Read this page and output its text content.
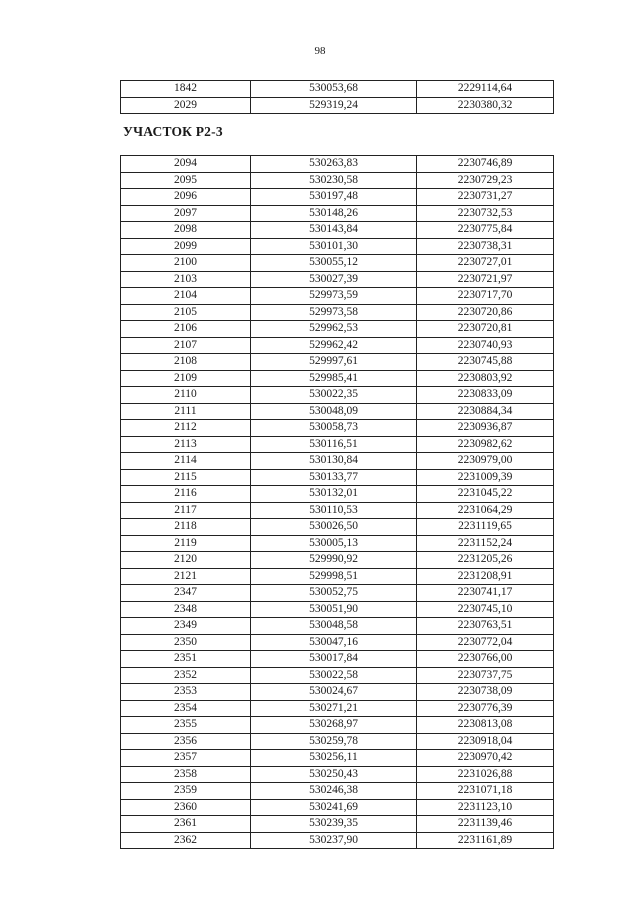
98
1842	530053,68	2229114,64
2029	529319,24	2230380,32
УЧАСТОК Р2-3
2094	530263,83	2230746,89
2095	530230,58	2230729,23
2096	530197,48	2230731,27
2097	530148,26	2230732,53
2098	530143,84	2230775,84
2099	530101,30	2230738,31
2100	530055,12	2230727,01
2103	530027,39	2230721,97
2104	529973,59	2230717,70
2105	529973,58	2230720,86
2106	529962,53	2230720,81
2107	529962,42	2230740,93
2108	529997,61	2230745,88
2109	529985,41	2230803,92
2110	530022,35	2230833,09
2111	530048,09	2230884,34
2112	530058,73	2230936,87
2113	530116,51	2230982,62
2114	530130,84	2230979,00
2115	530133,77	2231009,39
2116	530132,01	2231045,22
2117	530110,53	2231064,29
2118	530026,50	2231119,65
2119	530005,13	2231152,24
2120	529990,92	2231205,26
2121	529998,51	2231208,91
2347	530052,75	2230741,17
2348	530051,90	2230745,10
2349	530048,58	2230763,51
2350	530047,16	2230772,04
2351	530017,84	2230766,00
2352	530022,58	2230737,75
2353	530024,67	2230738,09
2354	530271,21	2230776,39
2355	530268,97	2230813,08
2356	530259,78	2230918,04
2357	530256,11	2230970,42
2358	530250,43	2231026,88
2359	530246,38	2231071,18
2360	530241,69	2231123,10
2361	530239,35	2231139,46
2362	530237,90	2231161,89
